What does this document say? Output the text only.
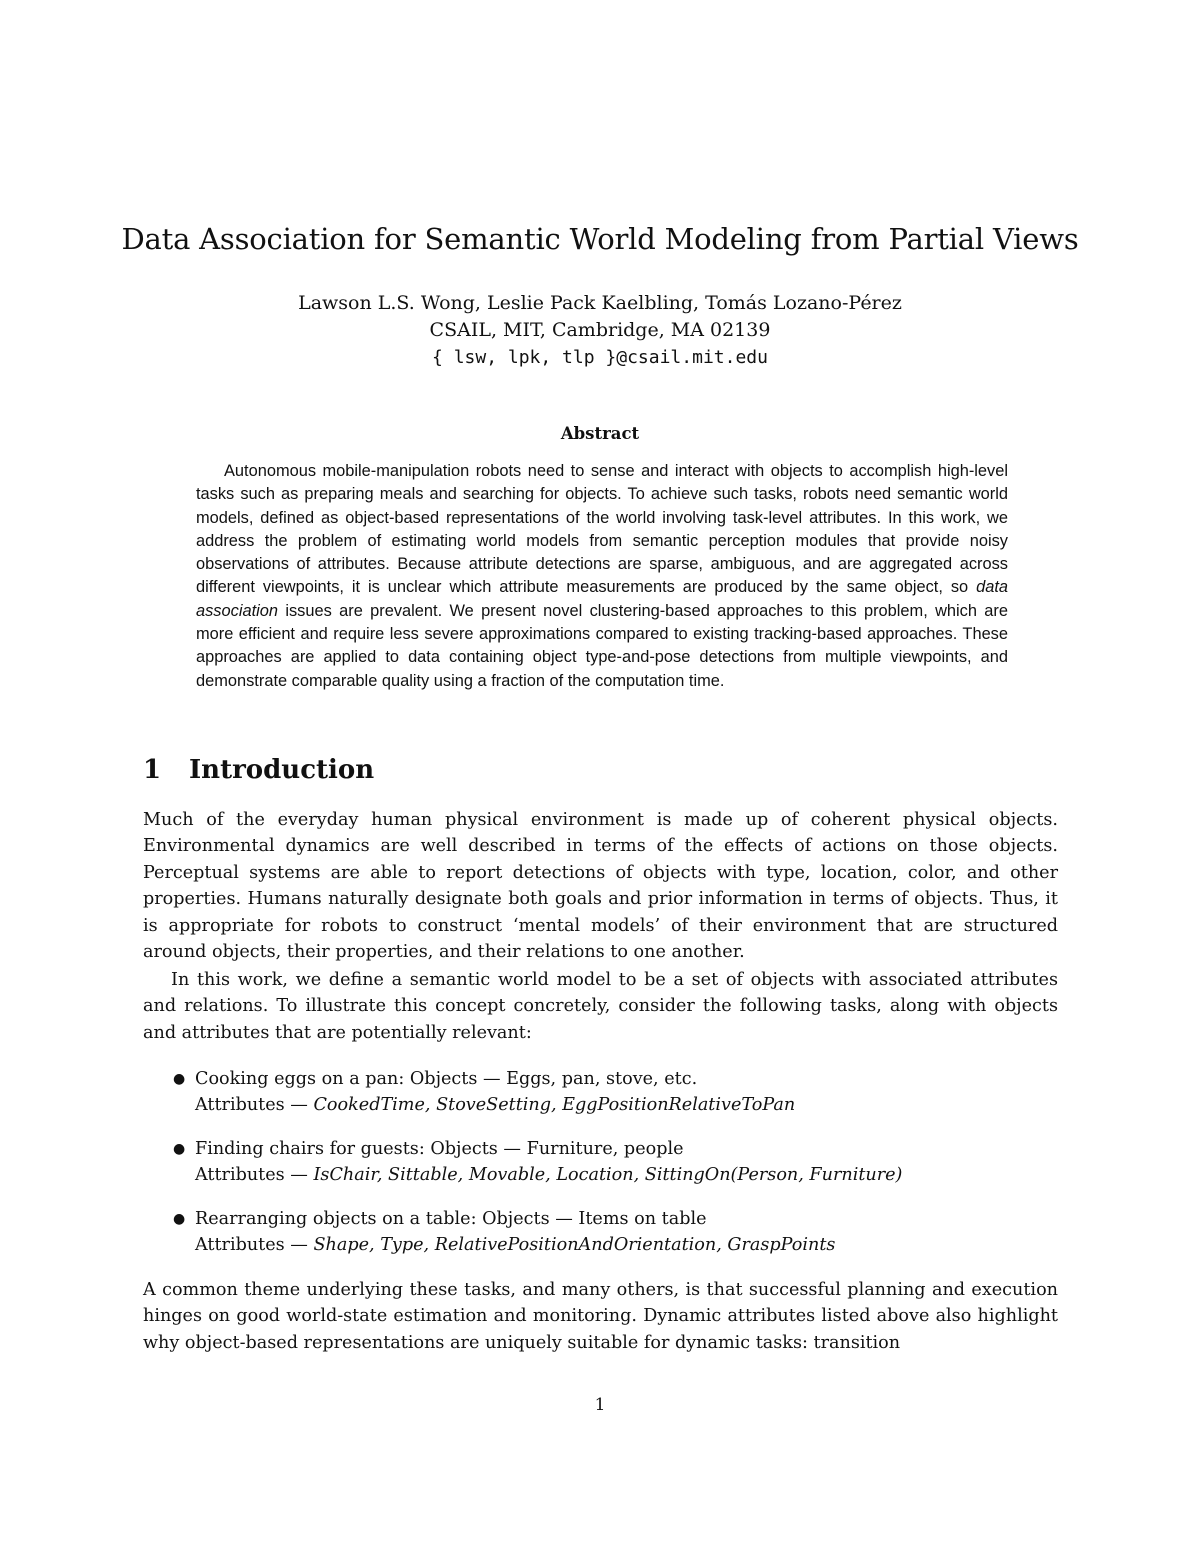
Data Association for Semantic World Modeling from Partial Views
Lawson L.S. Wong, Leslie Pack Kaelbling, Tomás Lozano-Pérez
CSAIL, MIT, Cambridge, MA 02139
{ lsw, lpk, tlp }@csail.mit.edu
Abstract

Autonomous mobile-manipulation robots need to sense and interact with objects to accomplish high-level tasks such as preparing meals and searching for objects. To achieve such tasks, robots need semantic world models, defined as object-based representations of the world involving task-level attributes. In this work, we address the problem of estimating world models from semantic perception modules that provide noisy observations of attributes. Because attribute detections are sparse, ambiguous, and are aggregated across different viewpoints, it is unclear which attribute measurements are produced by the same object, so data association issues are prevalent. We present novel clustering-based approaches to this problem, which are more efficient and require less severe approximations compared to existing tracking-based approaches. These approaches are applied to data containing object type-and-pose detections from multiple viewpoints, and demonstrate comparable quality using a fraction of the computation time.

1 Introduction

Much of the everyday human physical environment is made up of coherent physical objects. Environmental dynamics are well described in terms of the effects of actions on those objects. Perceptual systems are able to report detections of objects with type, location, color, and other properties. Humans naturally designate both goals and prior information in terms of objects. Thus, it is appropriate for robots to construct ‘mental models’ of their environment that are structured around objects, their properties, and their relations to one another.

In this work, we define a semantic world model to be a set of objects with associated attributes and relations. To illustrate this concept concretely, consider the following tasks, along with objects and attributes that are potentially relevant:

● Cooking eggs on a pan: Objects — Eggs, pan, stove, etc.
Attributes — CookedTime, StoveSetting, EggPositionRelativeToPan
● Finding chairs for guests: Objects — Furniture, people
Attributes — IsChair, Sittable, Movable, Location, SittingOn(Person, Furniture)
● Rearranging objects on a table: Objects — Items on table
Attributes — Shape, Type, RelativePositionAndOrientation, GraspPoints

A common theme underlying these tasks, and many others, is that successful planning and execution hinges on good world-state estimation and monitoring. Dynamic attributes listed above also highlight why object-based representations are uniquely suitable for dynamic tasks: transition

1
